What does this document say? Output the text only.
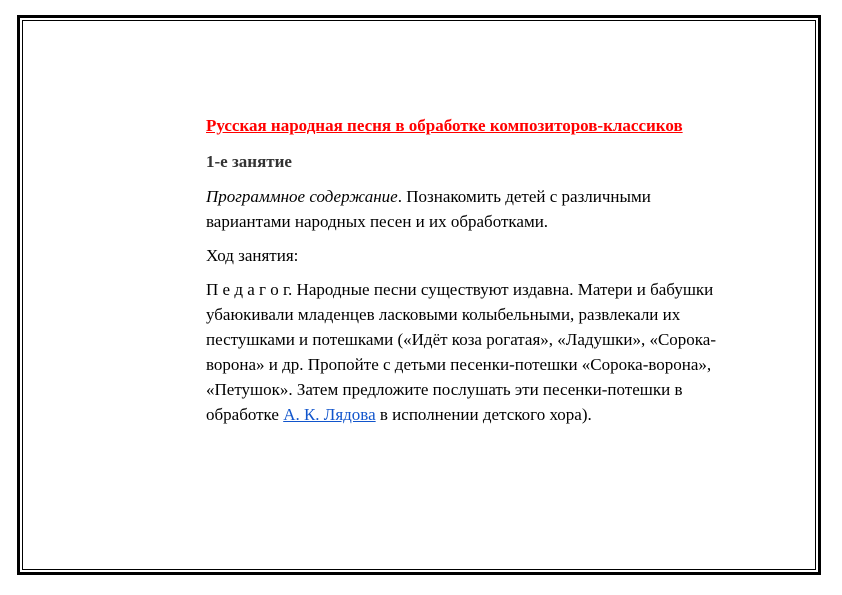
Русская народная песня в обработке композиторов-классиков
1-е занятие

Программное содержание. Познакомить детей с различными вариантами народных песен и их обработками.

Ход занятия:

П е д а г о г. Народные песни существуют издавна. Матери и бабушки убаюкивали младенцев ласковыми колыбельными, развлекали их пестушками и потешками («Идёт коза рогатая», «Ладушки», «Сорока-ворона» и др. Пропойте с детьми песенки-потешки «Сорока-ворона», «Петушок». Затем предложите послушать эти песенки-потешки в обработке А. К. Лядова в исполнении детского хора).
